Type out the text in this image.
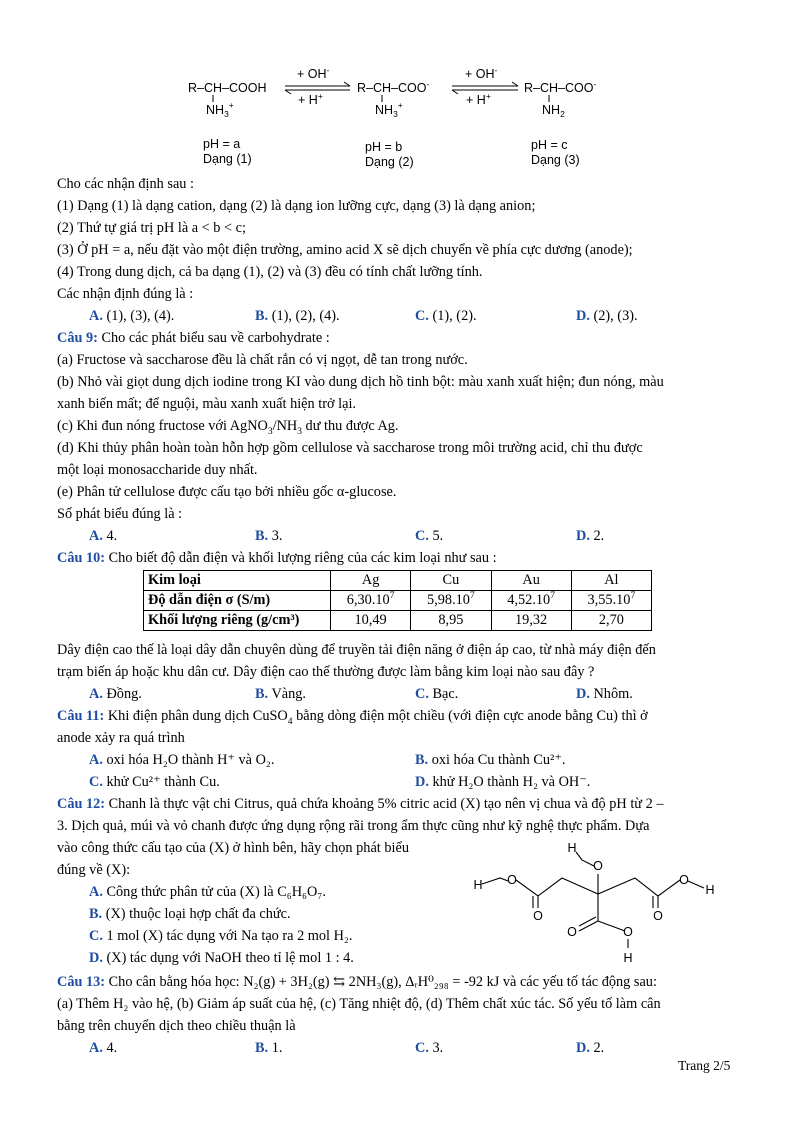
R–CH–COOH
$NH_3^+$
+ OH-
+ H+
R–CH–COO-
$NH_3^+$
+ OH-
+ H+
R–CH–COO-
$NH_2$
pH = a
Dạng (1)
pH = b
Dạng (2)
pH = c
Dạng (3)
Cho các nhận định sau :
(1) Dạng (1) là dạng cation, dạng (2) là dạng ion lưỡng cực, dạng (3) là dạng anion;
(2) Thứ tự giá trị pH là a < b < c;
(3) Ở pH = a, nếu đặt vào một điện trường, amino acid X sẽ dịch chuyển về phía cực dương (anode);
(4) Trong dung dịch, cả ba dạng (1), (2) và (3) đều có tính chất lưỡng tính.
Các nhận định đúng là :
A. (1), (3), (4).	B. (1), (2), (4).	C. (1), (2).	D. (2), (3).
Câu 9: Cho các phát biểu sau về carbohydrate :
(a) Fructose và saccharose đều là chất rắn có vị ngọt, dễ tan trong nước.
(b) Nhỏ vài giọt dung dịch iodine trong KI vào dung dịch hồ tinh bột: màu xanh xuất hiện; đun nóng, màu
xanh biến mất; để nguội, màu xanh xuất hiện trở lại.
(c) Khi đun nóng fructose với $AgNO_3/NH_3$ dư thu được Ag.
(d) Khi thủy phân hoàn toàn hỗn hợp gồm cellulose và saccharose trong môi trường acid, chỉ thu được
một loại monosaccharide duy nhất.
(e) Phân tử cellulose được cấu tạo bởi nhiều gốc α-glucose.
Số phát biểu đúng là :
A. 4.	B. 3.	C. 5.	D. 2.
Câu 10: Cho biết độ dẫn điện và khối lượng riêng của các kim loại như sau :
Kim loại	Ag	Cu	Au	Al
Độ dẫn điện σ (S/m)	6,30.10$^7$	5,98.10$^7$	4,52.10$^7$	3,55.10$^7$
Khối lượng riêng (g/cm³)	10,49	8,95	19,32	2,70
Dây điện cao thế là loại dây dẫn chuyên dùng để truyền tải điện năng ở điện áp cao, từ nhà máy điện đến
trạm biến áp hoặc khu dân cư. Dây điện cao thế thường được làm bằng kim loại nào sau đây ?
A. Đồng.	B. Vàng.	C. Bạc.	D. Nhôm.
Câu 11: Khi điện phân dung dịch CuSO$_4$ bằng dòng điện một chiều (với điện cực anode bằng Cu) thì ở
anode xảy ra quá trình
A. oxi hóa H₂O thành H⁺ và O₂.	B. oxi hóa Cu thành Cu²⁺.
C. khử Cu²⁺ thành Cu.	D. khử H₂O thành H₂ và OH⁻.
Câu 12: Chanh là thực vật chi Citrus, quả chứa khoảng 5% citric acid (X) tạo nên vị chua và độ pH từ 2 –
3. Dịch quả, múi và vỏ chanh được ứng dụng rộng rãi trong ẩm thực cũng như kỹ nghệ thực phẩm. Dựa
vào công thức cấu tạo của (X) ở hình bên, hãy chọn phát biểu
đúng về (X):
A. Công thức phân tử của (X) là C₆H₆O₇.
B. (X) thuộc loại hợp chất đa chức.
C. 1 mol (X) tác dụng với Na tạo ra 2 mol H₂.
D. (X) tác dụng với NaOH theo tỉ lệ mol 1 : 4.
H O
O
H
O
O
O
H
O	O
H
Câu 13: Cho cân bằng hóa học: N₂(g) + 3H₂(g) ⇆ 2NH₃(g), ΔᵣH⁰₂₉₈ = -92 kJ và các yếu tố tác động sau:
(a) Thêm H₂ vào hệ, (b) Giảm áp suất của hệ, (c) Tăng nhiệt độ, (d) Thêm chất xúc tác. Số yếu tố làm cân
bằng trên chuyển dịch theo chiều thuận là
A. 4.	B. 1.	C. 3.	D. 2.
Trang 2/5
